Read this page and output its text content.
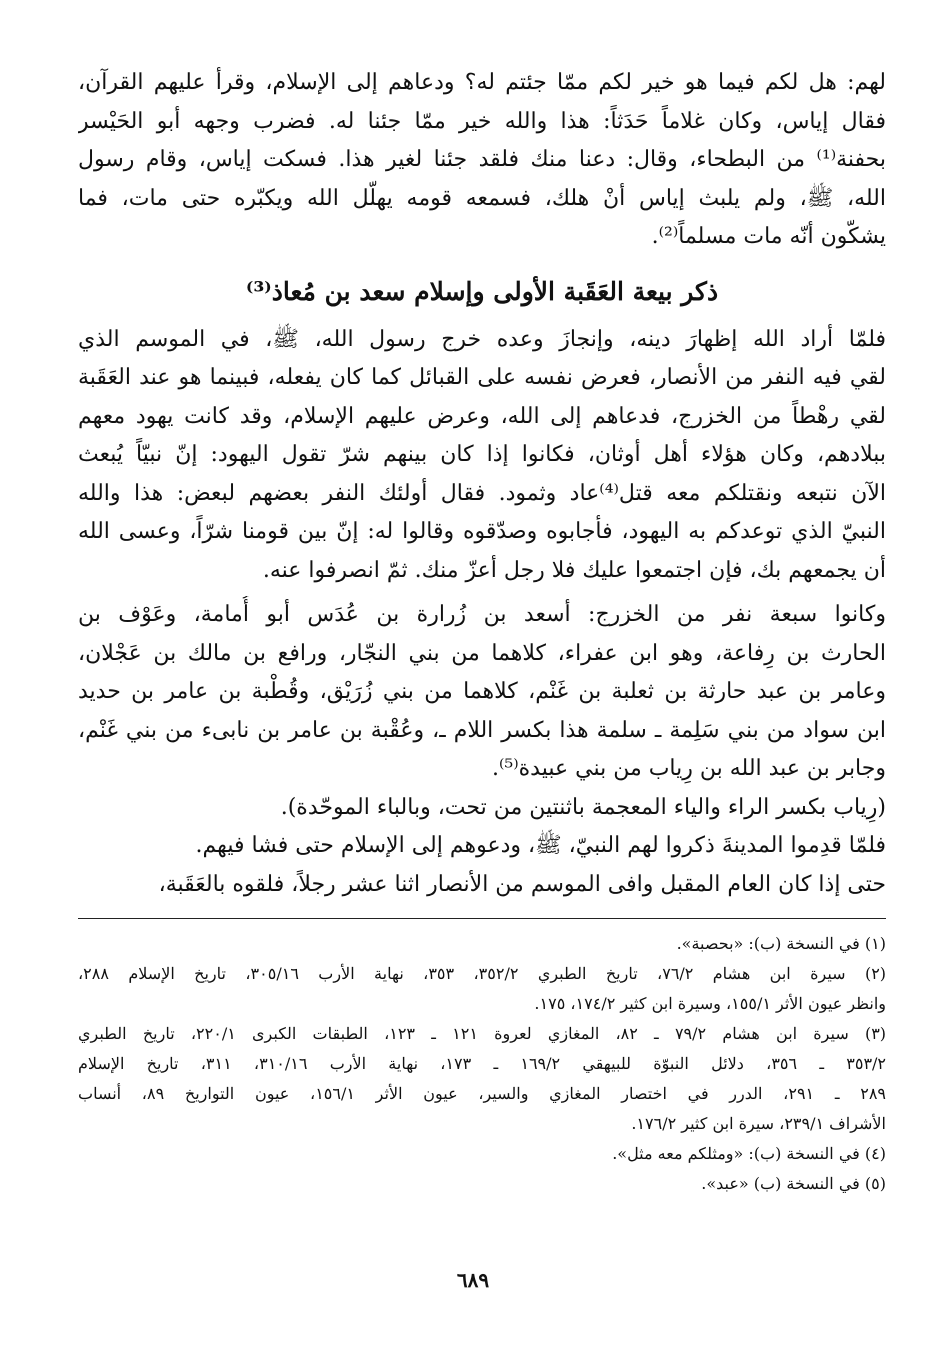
لهم: هل لكم فيما هو خير لكم ممّا جئتم له؟ ودعاهم إلى الإسلام، وقرأ عليهم القرآن،
فقال إياس، وكان غلاماً حَدَثاً: هذا والله خير ممّا جئنا له. فضرب وجهه أبو الحَيْسر
بحفنة⁽¹⁾ من البطحاء، وقال: دعنا منك فلقد جئنا لغير هذا. فسكت إياس، وقام رسول
الله، ﷺ، ولم يلبث إياس أنْ هلك، فسمعه قومه يهلّل الله ويكبّره حتى مات، فما
يشكّون أنّه مات مسلماً⁽²⁾.
ذكر بيعة العَقَبة الأولى وإسلام سعد بن مُعاذ⁽³⁾
فلمّا أراد الله إظهارَ دينه، وإنجازَ وعده خرج رسول الله، ﷺ، في الموسم الذي
لقي فيه النفر من الأنصار، فعرض نفسه على القبائل كما كان يفعله، فبينما هو عند العَقَبة
لقي رهْطاً من الخزرج، فدعاهم إلى الله، وعرض عليهم الإسلام، وقد كانت يهود معهم
ببلادهم، وكان هؤلاء أهل أوثان، فكانوا إذا كان بينهم شرّ تقول اليهود: إنّ نبيّاً يُبعث
الآن نتبعه ونقتلكم معه قتل⁽⁴⁾عاد وثمود. فقال أولئك النفر بعضهم لبعض: هذا والله
النبيّ الذي توعدكم به اليهود، فأجابوه وصدّقوه وقالوا له: إنّ بين قومنا شرّاً، وعسى الله
أن يجمعهم بك، فإن اجتمعوا عليك فلا رجل أعزّ منك. ثمّ انصرفوا عنه.
وكانوا سبعة نفر من الخزرج: أسعد بن زُرارة بن عُدَس أبو أُمامة، وعَوْف بن
الحارث بن رِفاعة، وهو ابن عفراء، كلاهما من بني النجّار، ورافع بن مالك بن عَجْلان،
وعامر بن عبد حارثة بن ثعلبة بن غَنْم، كلاهما من بني زُرَيْق، وقُطْبة بن عامر بن حديد
ابن سواد من بني سَلِمة ـ سلمة هذا بكسر اللام ـ، وعُقْبة بن عامر بن نابىء من بني غَنْم،
وجابر بن عبد الله بن رِياب من بني عبيدة⁽⁵⁾.
(رِياب بكسر الراء والياء المعجمة باثنتين من تحت، وبالباء الموحّدة).
فلمّا قدِموا المدينةَ ذكروا لهم النبيّ، ﷺ، ودعوهم إلى الإسلام حتى فشا فيهم.
حتى إذا كان العام المقبل وافى الموسم من الأنصار اثنا عشر رجلاً، فلقوه بالعَقَبة،
(١) في النسخة (ب): «بحصبة».
(٢) سيرة ابن هشام ٧٦/٢، تاريخ الطبري ٣٥٢/٢، ٣٥٣، نهاية الأرب ٣٠٥/١٦، تاريخ الإسلام ٢٨٨،
وانظر عيون الأثر ١٥٥/١، وسيرة ابن كثير ١٧٤/٢، ١٧٥.
(٣) سيرة ابن هشام ٧٩/٢ ـ ٨٢، المغازي لعروة ١٢١ ـ ١٢٣، الطبقات الكبرى ٢٢٠/١، تاريخ الطبري
٣٥٣/٢ ـ ٣٥٦، دلائل النبوّة للبيهقي ١٦٩/٢ ـ ١٧٣، نهاية الأرب ٣١٠/١٦، ٣١١، تاريخ الإسلام
٢٨٩ ـ ٢٩١، الدرر في اختصار المغازي والسير، عيون الأثر ١٥٦/١، عيون التواريخ ٨٩، أنساب
الأشراف ٢٣٩/١، سيرة ابن كثير ١٧٦/٢.
(٤) في النسخة (ب): «ومثلكم معه مثل».
(٥) في النسخة (ب) «عبد».
٦٨٩
